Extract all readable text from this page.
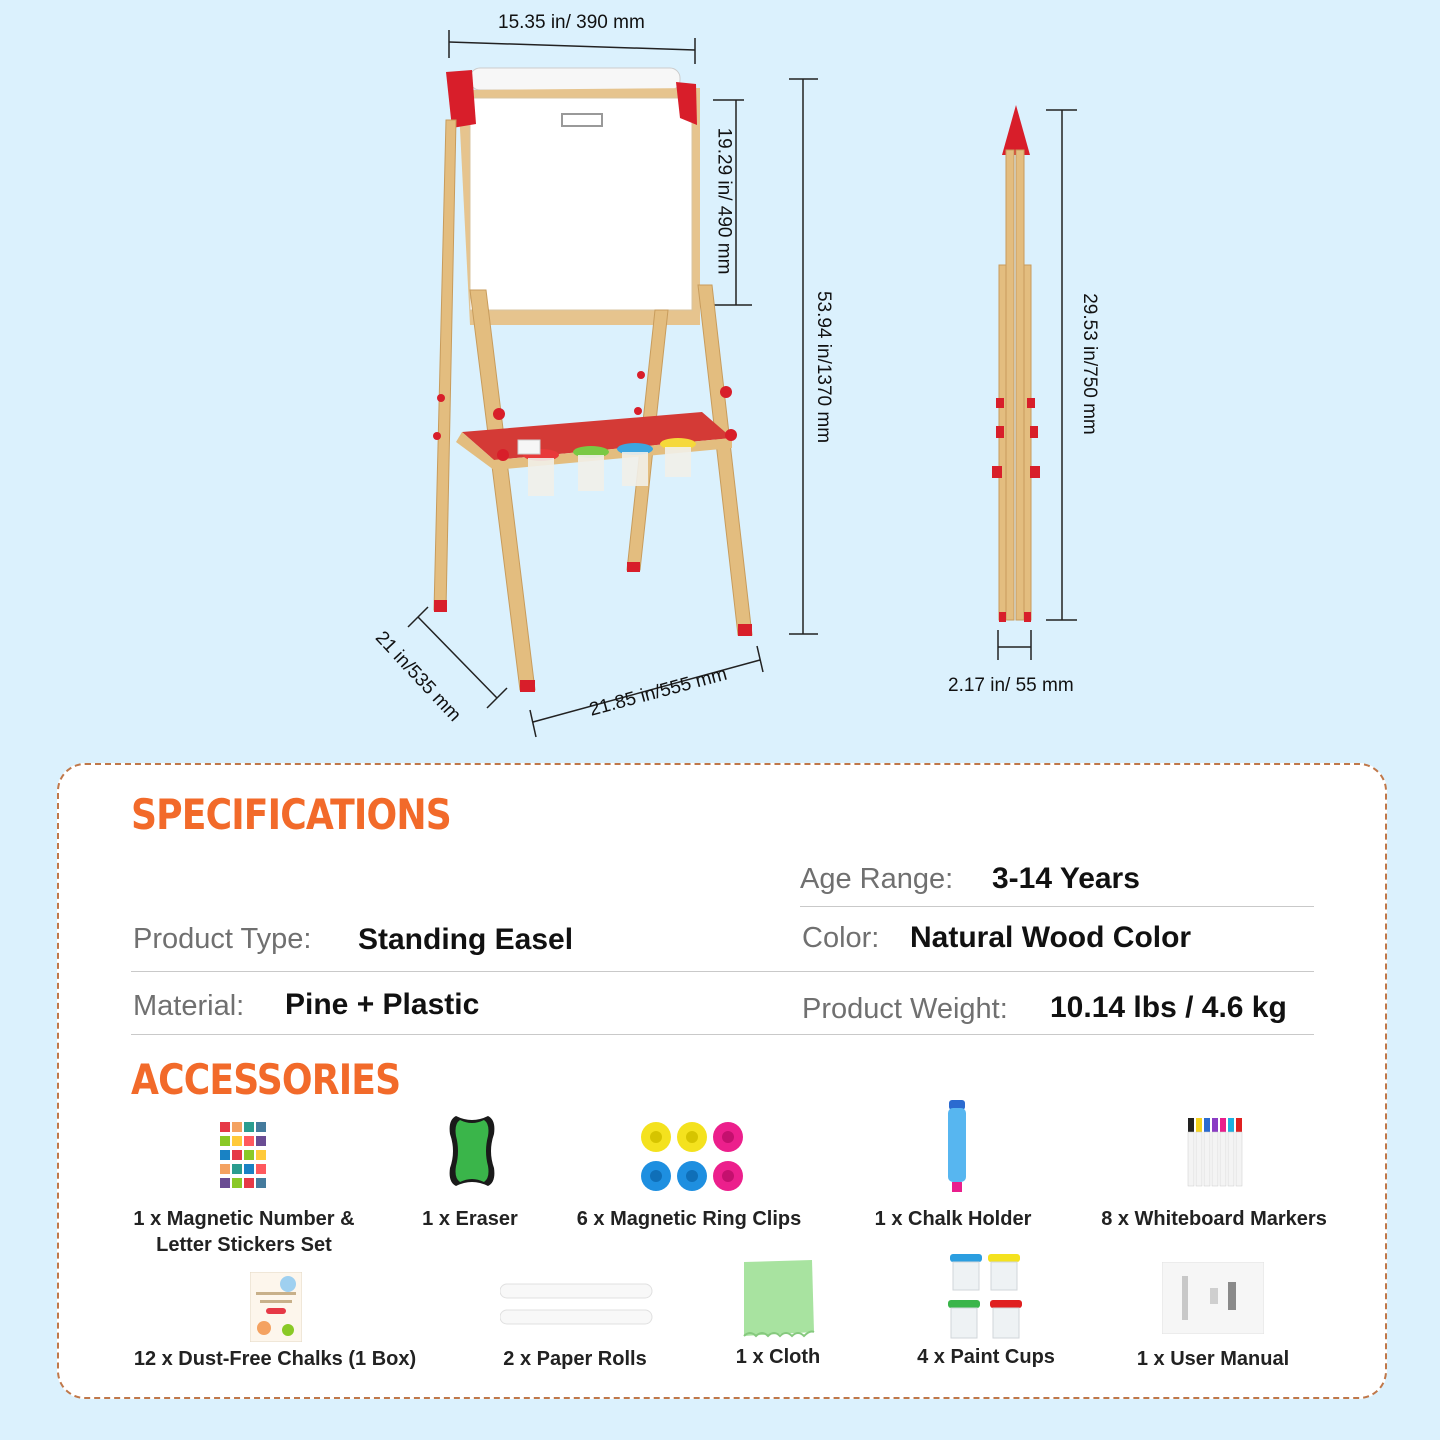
15.35 in/ 390 mm
19.29 in/ 490 mm
53.94 in/1370 mm
21 in/535 mm	21.85 in/555 mm
29.53 in/750 mm
2.17 in/ 55 mm
SPECIFICATIONS
Age Range: 3-14 Years
Product Type: Standing Easel	Color: Natural Wood Color
Material: Pine + Plastic	Product Weight: 10.14 lbs / 4.6 kg
ACCESSORIES
1 x Magnetic Number &
Letter Stickers Set
1 x Eraser	6 x Magnetic Ring Clips	1 x Chalk Holder	8 x Whiteboard Markers
12 x Dust-Free Chalks (1 Box)	2 x Paper Rolls	1 x Cloth	4 x Paint Cups	1 x User Manual
